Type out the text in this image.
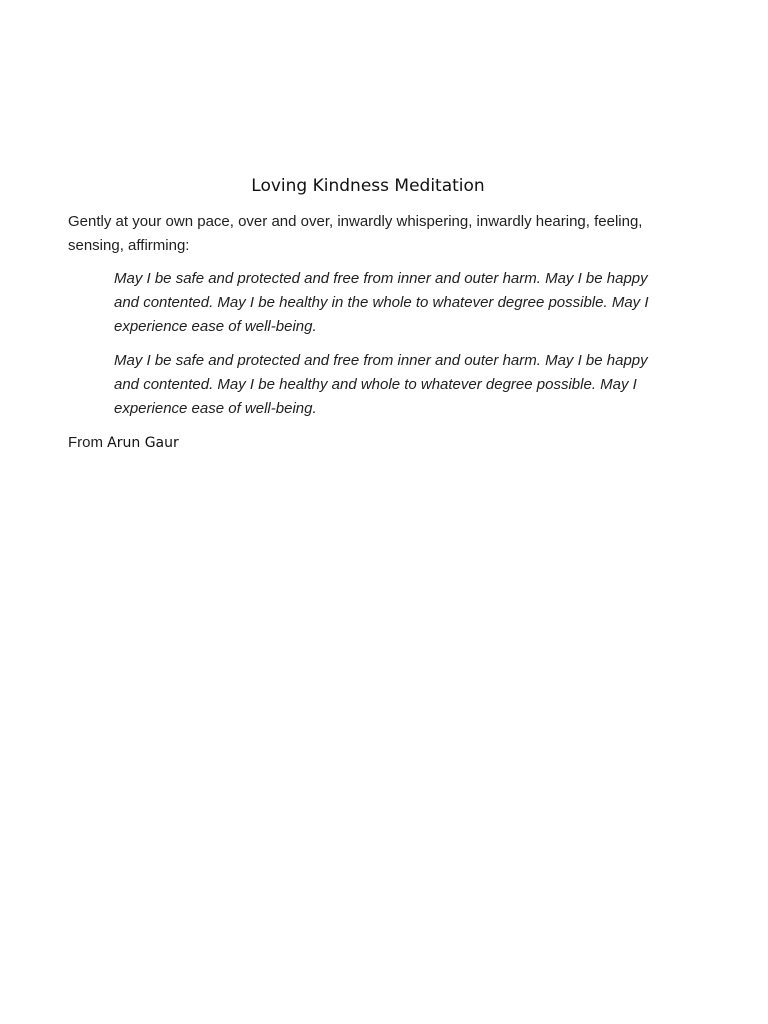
Loving Kindness Meditation

Gently at your own pace, over and over, inwardly whispering, inwardly hearing, feeling, sensing, affirming:

May I be safe and protected and free from inner and outer harm. May I be happy and contented. May I be healthy in the whole to whatever degree possible. May I experience ease of well-being.

May I be safe and protected and free from inner and outer harm. May I be happy and contented. May I be healthy and whole to whatever degree possible. May I experience ease of well-being.

From Arun Gaur
